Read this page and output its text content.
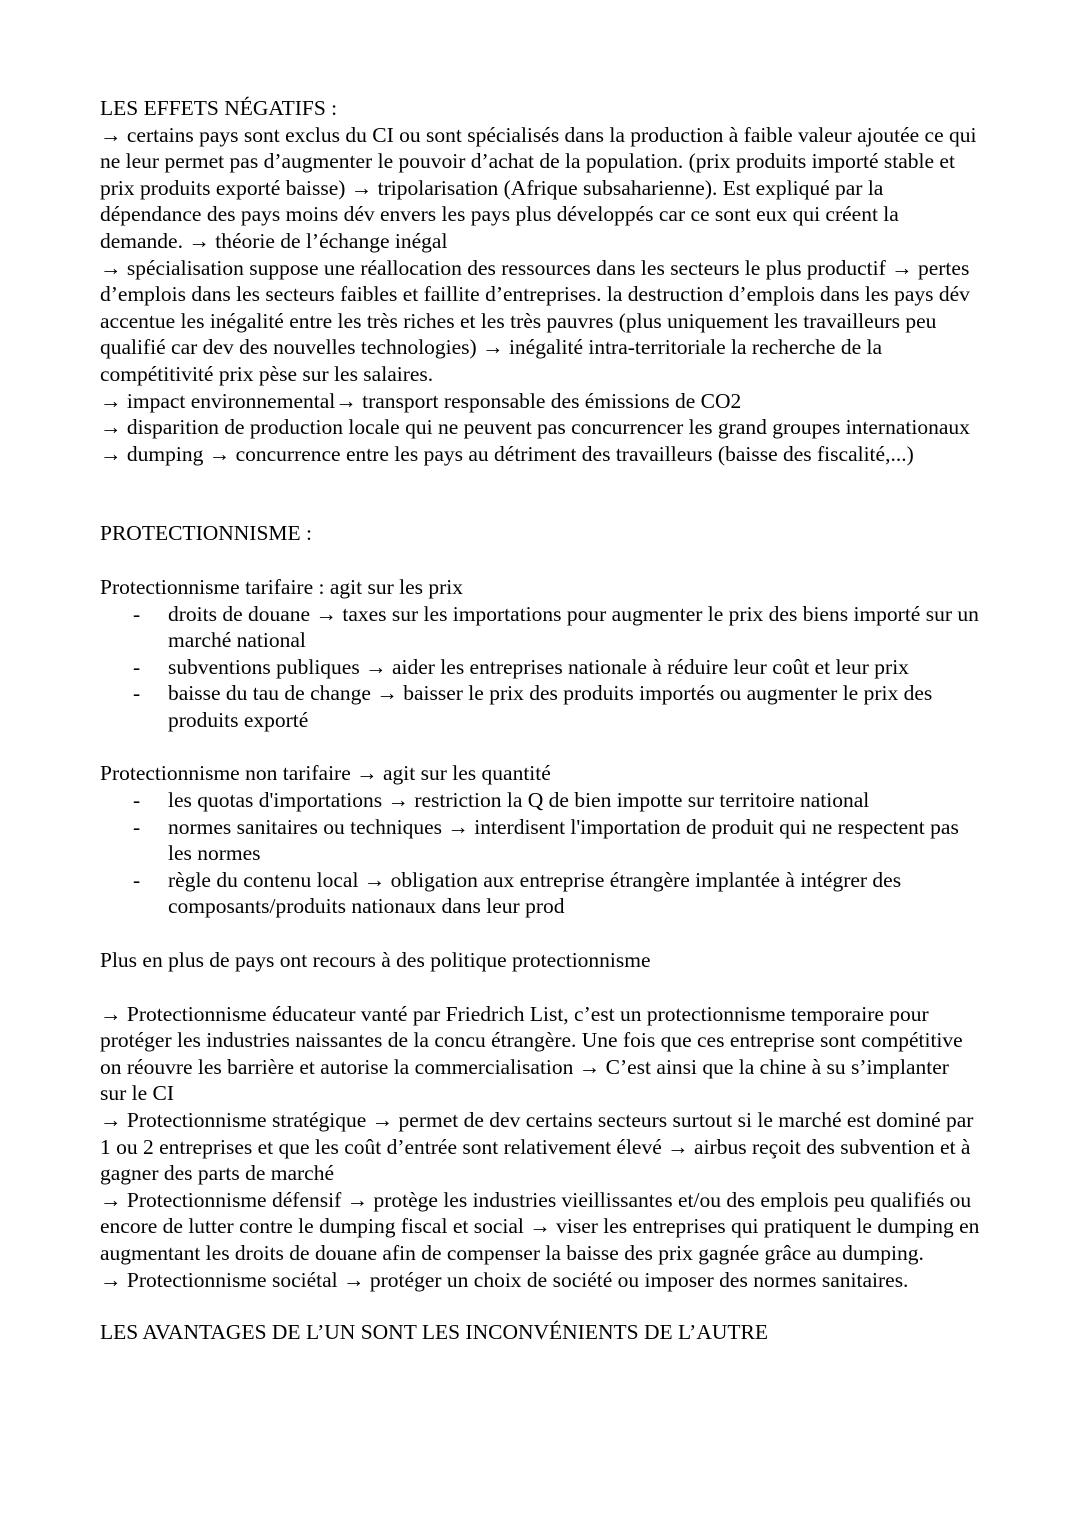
LES EFFETS NÉGATIFS :

→ certains pays sont exclus du CI ou sont spécialisés dans la production à faible valeur ajoutée ce qui ne leur permet pas d’augmenter le pouvoir d’achat de la population. (prix produits importé stable et prix produits exporté baisse) → tripolarisation (Afrique subsaharienne). Est expliqué par la dépendance des pays moins dév envers les pays plus développés car ce sont eux qui créent la demande. → théorie de l’échange inégal

→ spécialisation suppose une réallocation des ressources dans les secteurs le plus productif → pertes d’emplois dans les secteurs faibles et faillite d’entreprises. la destruction d’emplois dans les pays dév accentue les inégalité entre les très riches et les très pauvres (plus uniquement les travailleurs peu qualifié car dev des nouvelles technologies) → inégalité intra-territoriale la recherche de la compétitivité prix pèse sur les salaires.

→ impact environnemental→ transport responsable des émissions de CO2

→ disparition de production locale qui ne peuvent pas concurrencer les grand groupes internationaux

→ dumping → concurrence entre les pays au détriment des travailleurs (baisse des fiscalité,...)

PROTECTIONNISME :

Protectionnisme tarifaire : agit sur les prix

- droits de douane → taxes sur les importations pour augmenter le prix des biens importé sur un marché national
- subventions publiques → aider les entreprises nationale à réduire leur coût et leur prix
- baisse du tau de change → baisser le prix des produits importés ou augmenter le prix des produits exporté

Protectionnisme non tarifaire → agit sur les quantité

- les quotas d'importations → restriction la Q de bien impotte sur territoire national
- normes sanitaires ou techniques → interdisent l'importation de produit qui ne respectent pas les normes
- règle du contenu local → obligation aux entreprise étrangère implantée à intégrer des composants/produits nationaux dans leur prod

Plus en plus de pays ont recours à des politique protectionnisme

→ Protectionnisme éducateur vanté par Friedrich List, c’est un protectionnisme temporaire pour protéger les industries naissantes de la concu étrangère. Une fois que ces entreprise sont compétitive on réouvre les barrière et autorise la commercialisation → C’est ainsi que la chine à su s’implanter sur le CI

→ Protectionnisme stratégique → permet de dev certains secteurs surtout si le marché est dominé par 1 ou 2 entreprises et que les coût d’entrée sont relativement élevé → airbus reçoit des subvention et à gagner des parts de marché

→ Protectionnisme défensif → protège les industries vieillissantes et/ou des emplois peu qualifiés ou encore de lutter contre le dumping fiscal et social → viser les entreprises qui pratiquent le dumping en augmentant les droits de douane afin de compenser la baisse des prix gagnée grâce au dumping.

→ Protectionnisme sociétal → protéger un choix de société ou imposer des normes sanitaires.

LES AVANTAGES DE L’UN SONT LES INCONVÉNIENTS DE L’AUTRE
